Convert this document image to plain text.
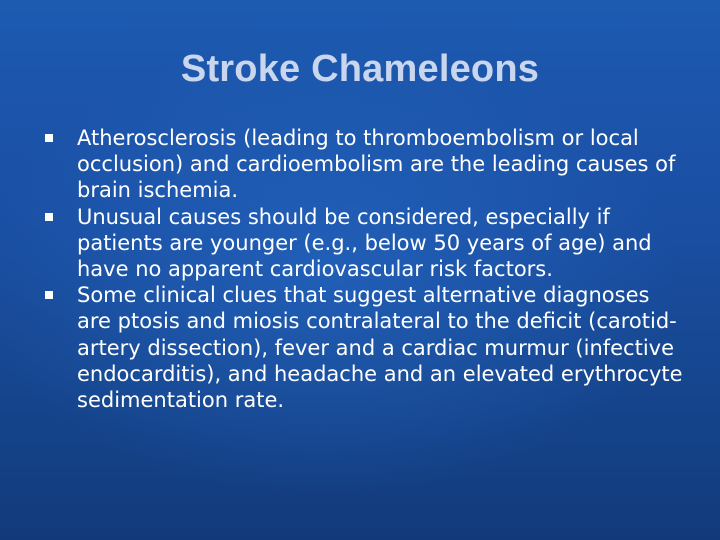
Stroke Chameleons
Atherosclerosis (leading to thromboembolism or local occlusion) and cardioembolism are the leading causes of brain ischemia.
Unusual causes should be considered, especially if patients are younger (e.g., below 50 years of age) and have no apparent cardiovascular risk factors.
Some clinical clues that suggest alternative diagnoses are ptosis and miosis contralateral to the deficit (carotid-artery dissection), fever and a cardiac murmur (infective endocarditis), and headache and an elevated erythrocyte sedimentation rate.
